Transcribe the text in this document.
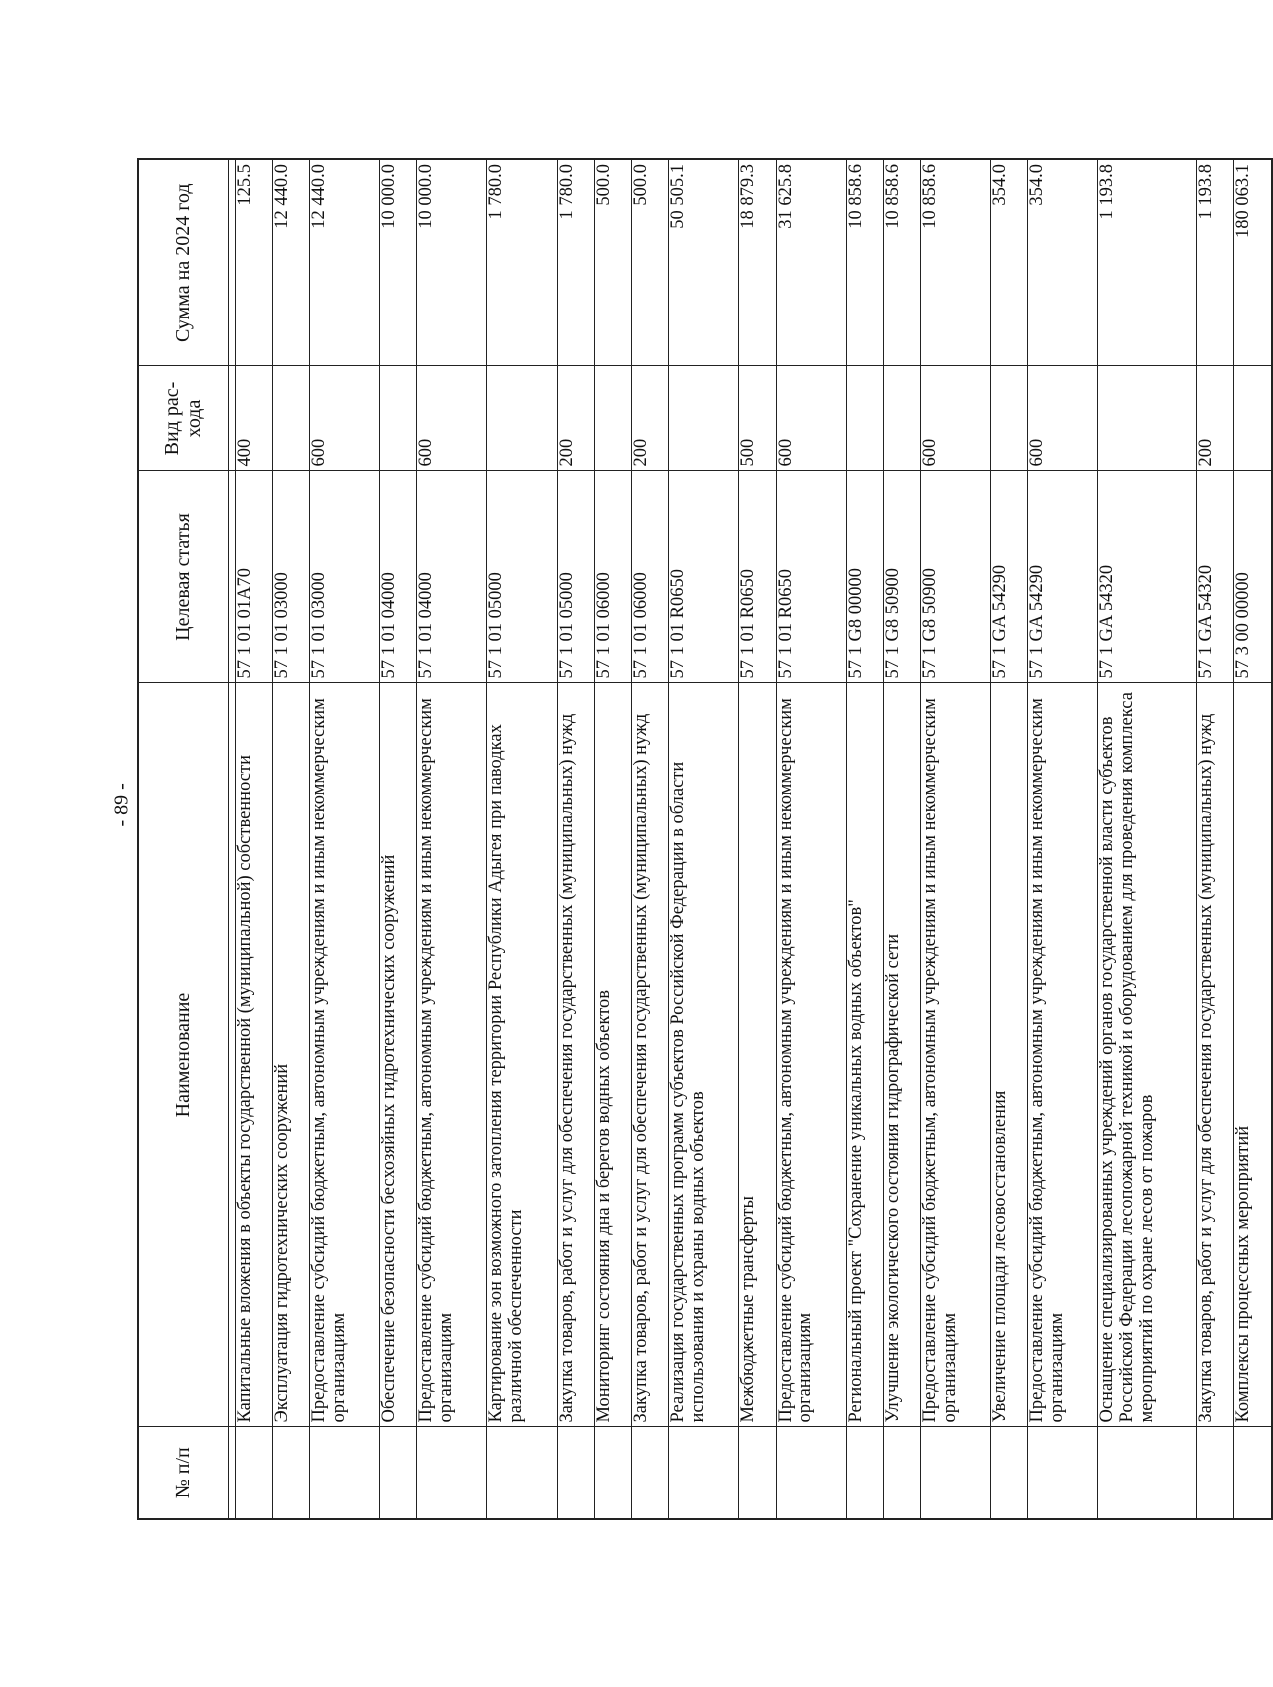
- 89 -
№ п/п	Наименование	Целевая статья	Вид рас-хода	Сумма на 2024 год

	Капитальные вложения в объекты государственной (муниципальной) собственности	57 1 01 01А70	400	125.5
	Эксплуатация гидротехнических сооружений	57 1 01 03000		12 440.0
	Предоставление субсидий бюджетным, автономным учреждениям и иным некоммерческим организациям	57 1 01 03000	600	12 440.0
	Обеспечение безопасности бесхозяйных гидротехнических сооружений	57 1 01 04000		10 000.0
	Предоставление субсидий бюджетным, автономным учреждениям и иным некоммерческим организациям	57 1 01 04000	600	10 000.0
	Картирование зон возможного затопления территории Республики Адыгея при паводках различной обеспеченности	57 1 01 05000		1 780.0
	Закупка товаров, работ и услуг для обеспечения государственных (муниципальных) нужд	57 1 01 05000	200	1 780.0
	Мониторинг состояния дна и берегов водных объектов	57 1 01 06000		500.0
	Закупка товаров, работ и услуг для обеспечения государственных (муниципальных) нужд	57 1 01 06000	200	500.0
	Реализация государственных программ субъектов Российской Федерации в области использования и охраны водных объектов	57 1 01 R0650		50 505.1
	Межбюджетные трансферты	57 1 01 R0650	500	18 879.3
	Предоставление субсидий бюджетным, автономным учреждениям и иным некоммерческим организациям	57 1 01 R0650	600	31 625.8
	Региональный проект "Сохранение уникальных водных объектов"	57 1 G8 00000		10 858.6
	Улучшение экологического состояния гидрографической сети	57 1 G8 50900		10 858.6
	Предоставление субсидий бюджетным, автономным учреждениям и иным некоммерческим организациям	57 1 G8 50900	600	10 858.6
	Увеличение площади лесовосстановления	57 1 GA 54290		354.0
	Предоставление субсидий бюджетным, автономным учреждениям и иным некоммерческим организациям	57 1 GA 54290	600	354.0
	Оснащение специализированных учреждений органов государственной власти субъектов Российской Федерации лесопожарной техникой и оборудованием для проведения комплекса мероприятий по охране лесов от пожаров	57 1 GA 54320		1 193.8
	Закупка товаров, работ и услуг для обеспечения государственных (муниципальных) нужд	57 1 GA 54320	200	1 193.8
	Комплексы процессных мероприятий	57 3 00 00000		180 063.1
